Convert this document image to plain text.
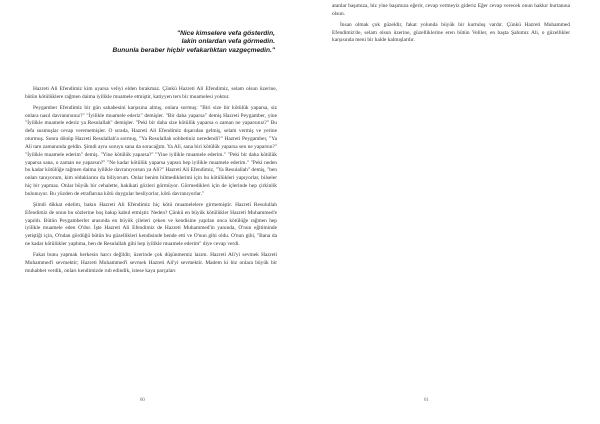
"Nice kimselere vefa gösterdin,
lakin onlardan vefa görmedin.
Bununla beraber hiçbir vefakarlıktan vazgeçmedin."

Hazreti Ali Efendimiz kim uyarsa veliyi elden bırakmaz. Çünkü Hazreti Ali Efendimiz, selam olsun üzerine, bütün kötülüklere rağmen daima iyilikle muamele etmiştir, katiyyen ters bir muamelesi yoktur.

Peygamber Efendimiz bir gün sahabesini karşısına almış, onlara sormuş: "Biri size bir kötülük yaparsa, siz onlara nasıl davranırsınız?" "İyilikle muamele ederiz" demişler. "Bir daha yaparsa" demiş Hazreti Peygamber, yine "İyilikle muamele ederiz ya Resulallah" demişler. "Peki bir daha size kötülük yaparsa o zaman ne yaparsınız?" Bu defa susmuşlar cevap verememişler. O sırada, Hazreti Ali Efendimiz dışarıdan gelmiş, selam vermiş ve yerine oturmuş. Sonra dönüp Hazreti Resulallah'a sormuş, "Ya Resulallah sohbetiniz neredendi?" Hazreti Peygamber, "Ya Ali tam zamanında geldin. Şimdi aynı soruyu sana da soracağım. Ya Ali, sana biri kötülük yaparsa sen ne yaparsın?" "İyilikle muamele ederim" demiş. "Yine kötülük yaparsa?" "Yine iyilikle muamele ederim." "Peki bir daha kötülük yaparsa sana, o zaman ne yaparsın?" "Ne kadar kötülük yaparsa yapsın hep iyilikle muamele ederim." "Peki neden bu kadar kötülüğe rağmen daima iyilikle davranıyorsun ya Ali?" Hazreti Ali Efendimiz, "Ya Resulallah" demiş, "ben onları tanıyorum, kim olduklarını da biliyorum. Onlar benim bilmediklerimi için bu kötülükleri yapıyorlar, bilseler hiç bir yapmaz. Onlar büyük bir cehalette, hakikati gözleri görmüyor. Görmedikleri için de içlerinde hep çirkinlik bulunuyor. Bu yüzden de etraflarına kötü duygular besliyorlar, kötü davranıyorlar."

Şimdi dikkat edelim, bakın Hazreti Ali Efendimiz hiç kötü muamelelere girmemiştir. Hazreti Resulullah Efendimiz de onun bu sözlerine hoş bakıp kabul etmiştir. Neden? Çünkü en büyük kötülükler Hazreti Muhammed'e yapıldı. Bütün Peygamberler arasında en büyük çileleri çeken ve kendisine yapılan onca kötülüğe rağmen hep iyilikle muamele eden O'dur. İşte Hazreti Ali Efendimiz de Hazreti Muhammed'in yanında, O'nun eğitiminde yetiştiği için, O'ndan gördüğü bütün bu güzellikleri kendisinde bende etti ve O'nun gibi oldu. O'nun gibi, "Bana da ne kadar kötülükler yaphma, ben de Resulallah gibi hep iyilikle muamele ederim" diye cevap verdi.

Fakat bunu yapmak herkesin harcı değildir, üzerinde çok düşünmemiz lazım. Hazreti Ali'yi sevmek Hazreti Muhammed'i sevmektir; Hazreti Muhammed'i sevmek Hazreti Ali'yi sevmektir. Madem ki biz onlara büyük bir muhabbet verdik, onları kendimizde rub edindik, istese kaya parçaları

60

atanlar başımıza, biz yine başımıza eğerir, cevap vermeyiz gideriz Eğer cevap verecek onun hakkır burtanına olsun.

İnsan olmak çok güzeldir, fakat yolunda büyük bir kurtuluş vardır. Çünkü Hazreti Muhammed Efendimiz'de, selam olsun üzerine, güzelliklerine eren bütün Veliler, en başta Şahımız Ali, o güzellikler karşısında meni bir halde kalmışlardır.

61
